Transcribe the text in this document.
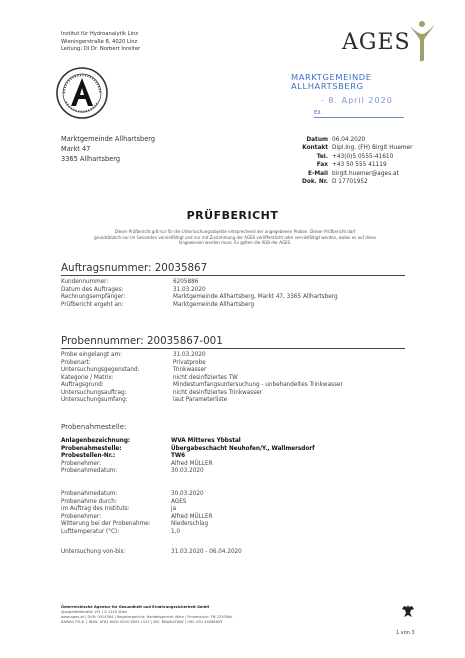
Institut für Hydroanalytik Linz
Wieningerstraße 8, 4020 Linz
Leitung: DI Dr. Norbert Inreiter	AGES
MARKTGEMEINDE
ALLHARTSBERG
- 8. April 2020
Eil.
Marktgemeinde Allhartsberg
Markt 47
3365 Allhartsberg
Datum 06.04.2020
Kontakt Dipl.Ing. (FH) Birgit Huemer
Tel. +43(0)5 0555-41610
Fax +43 50 555 41119
E-Mail birgit.huemer@ages.at
Dok. Nr. D 17701952
PRÜFBERICHT
Dieser Prüfbericht gilt nur für die Untersuchungsobjekte entsprechend der angegebenen Proben. Dieser Prüfbericht darf
grundsätzlich nur im Gesamten vervielfältigt und nur mit Zustimmung der AGES veröffentlicht oder vervielfältigt werden, wobei es auf diese
hingewiesen werden muss. Es gelten die AGB der AGES.
Auftragsnummer: 20035867
Kundennummer:	6205886
Datum des Auftrages:	31.03.2020
Rechnungsempfänger:	Marktgemeinde Allhartsberg, Markt 47, 3365 Allhartsberg
Prüfbericht ergeht an:	Marktgemeinde Allhartsberg
Probennummer: 20035867-001
Probe eingelangt am:	31.03.2020
Probenart:	Privatprobe
Untersuchungsgegenstand:	Trinkwasser
Kategorie / Matrix:	nicht desinfiziertes TW
Auftragsgrund:	Mindestumfangsuntersuchung - unbehandeltes Trinkwasser
Untersuchungsauftrag:	nicht desinfiziertes Trinkwasser
Untersuchungsumfang:	laut Parameterliste
Probenahmestelle:
Anlagenbezeichnung:	WVA Mitteres Ybbstal
Probenahmestelle:	Übergabeschacht Neuhofen/Y., Wallmersdorf
Probestellen-Nr.:	TW6
Probenehmer:	Alfred MÜLLER
Probenahmedatum:	30.03.2020
Probenahmedatum:	30.03.2020
Probenahme durch:	AGES
im Auftrag des Instituts:	ja
Probenehmer:	Alfred MÜLLER
Witterung bei der Probenahme:	Niederschlag
Lufttemperatur (°C):	1,0
Untersuchung von-bis:	31.03.2020 - 06.04.2020
Österreichische Agentur für Gesundheit und Ernährungssicherheit GmbH
Spargelfeldstraße 191 | A 1220 Wien
www.ages.at | DVR: 0014584 | Registergericht: Handelsgericht Wien | Firmenbuch: FN 223056z
BAWAG P.S.K. | IBAN: AT81 6000 0000 9605 1512 | BIC: BAWAATWW | UID: ATU 54088605
1 von 3
